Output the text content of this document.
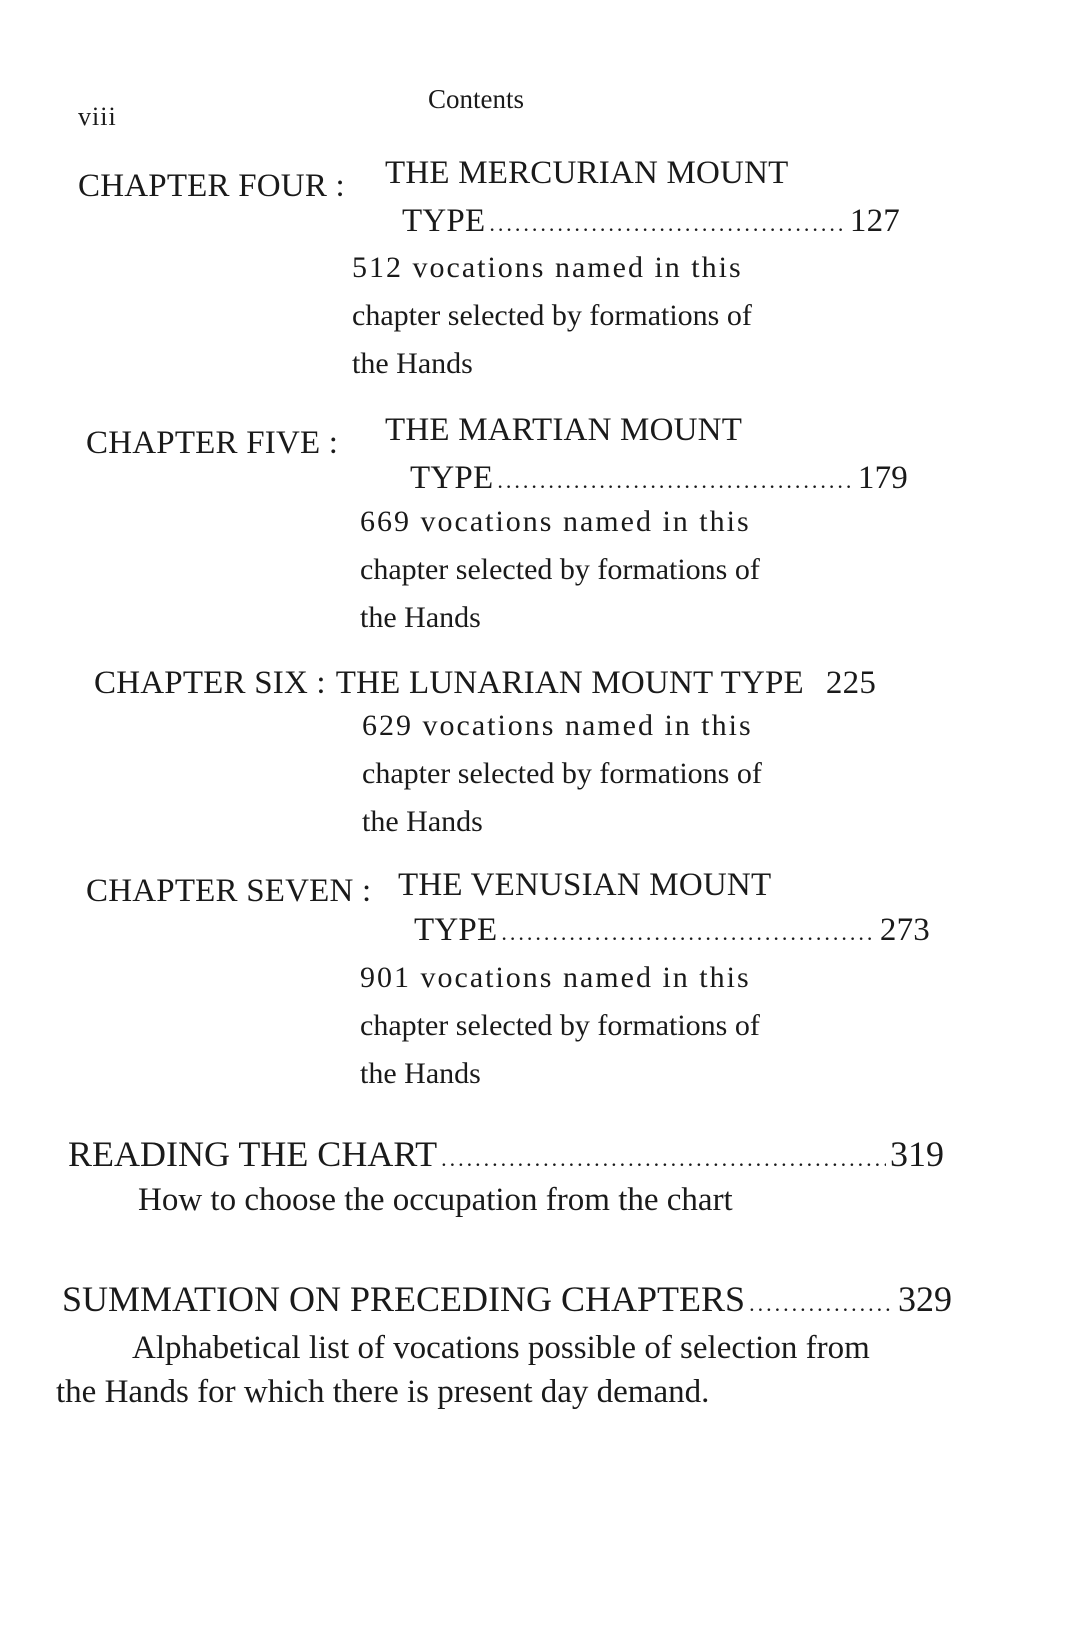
viii
Contents
CHAPTER FOUR : THE MERCURIAN MOUNT
TYPE .....	127
512 vocations named in this
chapter selected by formations of
the Hands
CHAPTER FIVE : THE MARTIAN MOUNT
TYPE .....	179
669 vocations named in this
chapter selected by formations of
the Hands
CHAPTER SIX : THE LUNARIAN MOUNT TYPE 225
629 vocations named in this
chapter selected by formations of
the Hands
CHAPTER SEVEN : THE VENUSIAN MOUNT
TYPE .....	273
901 vocations named in this
chapter selected by formations of
the Hands
READING THE CHART .....	319
How to choose the occupation from the chart
SUMMATION ON PRECEDING CHAPTERS .....	329
Alphabetical list of vocations possible of selection from
the Hands for which there is present day demand.
